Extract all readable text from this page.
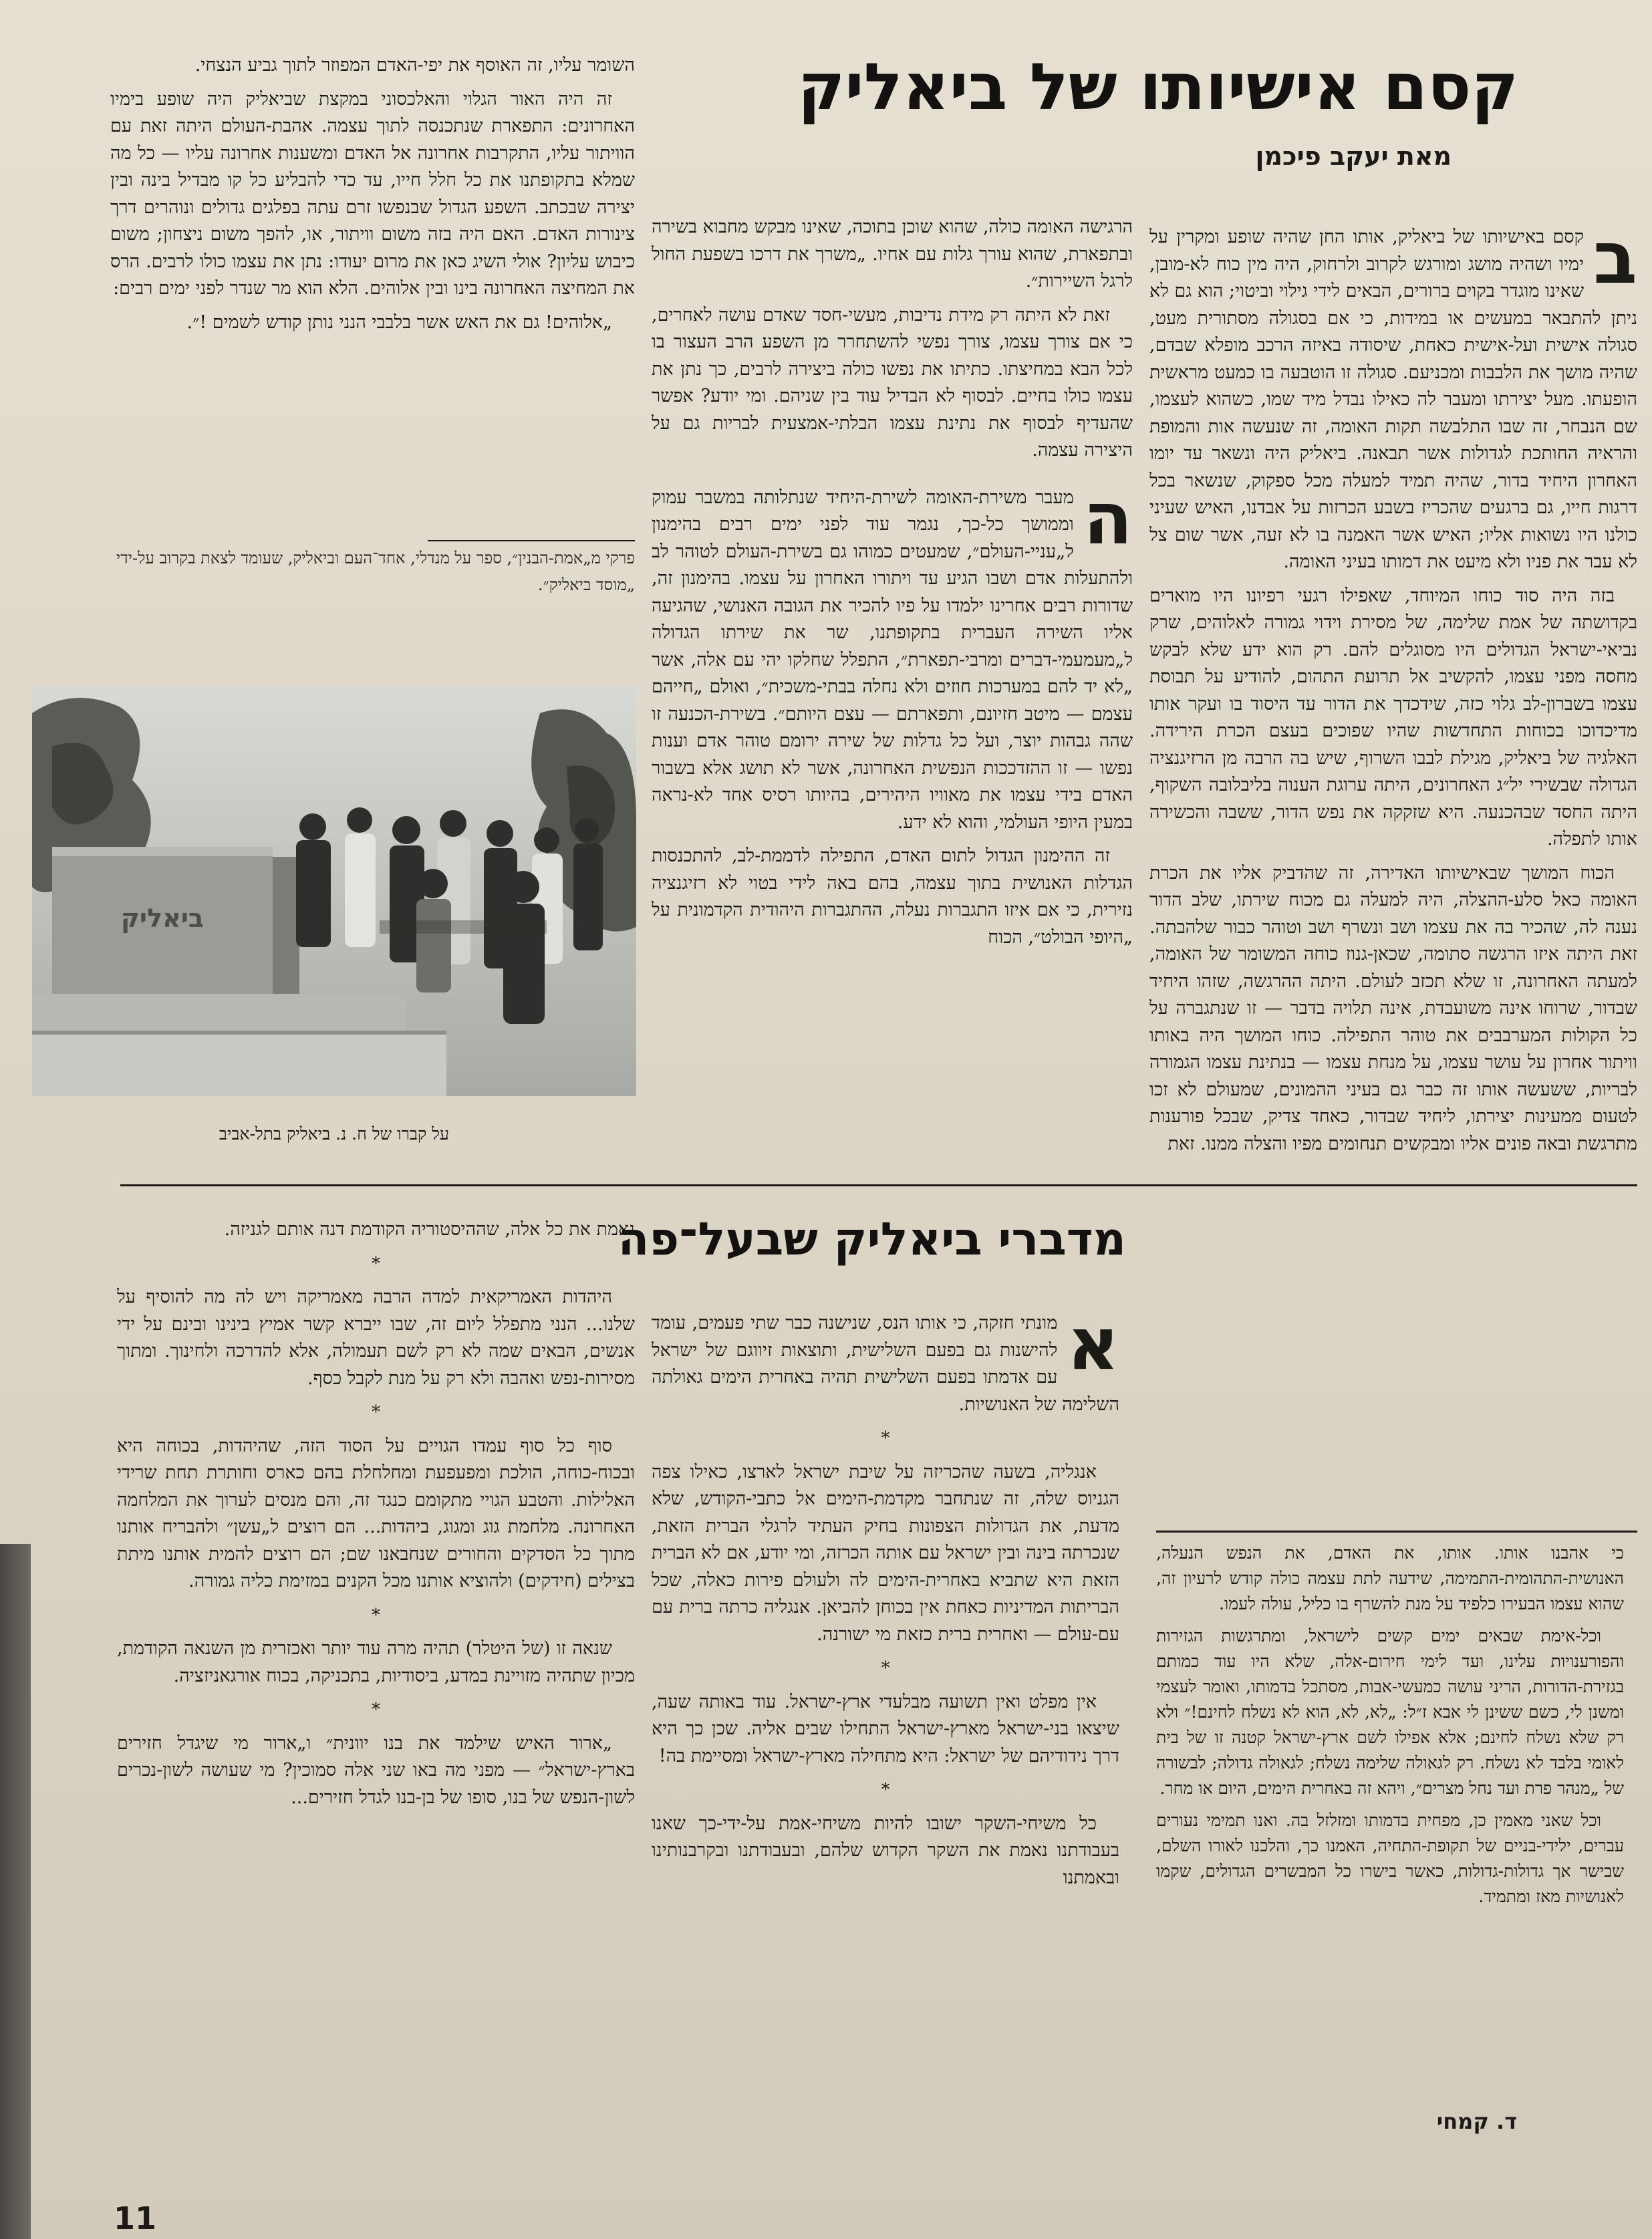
קסם אישיותו של ביאליק
מאת יעקב פיכמן
ב

קסם באישיותו של ביאליק, אותו החן שהיה שופע ומקרין על ימיו ושהיה מושג ומורגש לקרוב ולרחוק, היה מין כוח לא-מובן, שאינו מוגדר בקוים ברורים, הבאים לידי גילוי וביטוי; הוא גם לא ניתן להתבאר במעשים או במידות, כי אם בסגולה מסתורית מעט, סגולה אישית ועל-אישית כאחת, שיסודה באיזה הרכב מופלא שבדם, שהיה מושך את הלבבות ומכניעם. סגולה זו הוטבעה בו כמעט מראשית הופעתו. מעל יצירתו ומעבר לה כאילו נבדל מיד שמו, כשהוא לעצמו, שם הנבחר, זה שבו התלבשה תקות האומה, זה שנעשה אות והמופת והראיה החותכת לגדולות אשר תבאנה. ביאליק היה ונשאר עד יומו האחרון היחיד בדור, שהיה תמיד למעלה מכל ספקוק, שנשאר בכל דרגות חייו, גם ברגעים שהכריז בשבע הכרזות על אבדנו, האיש שעיני כולנו היו נשואות אליו; האיש אשר האמנה בו לא זעה, אשר שום צל לא עבר את פניו ולא מיעט את דמותו בעיני האומה.

בזה היה סוד כוחו המיוחד, שאפילו רגעי רפיונו היו מוארים בקדושתה של אמת שלימה, של מסירת וידוי גמורה לאלוהים, שרק נביאי-ישראל הגדולים היו מסוגלים להם. רק הוא ידע שלא לבקש מחסה מפני עצמו, להקשיב אל תרועת התהום, להודיע על תבוסת עצמו בשברון-לב גלוי כזה, שידכדך את הדור עד היסוד בו ועקר אותו מדיכדוכו בכוחות התחדשות שהיו שפוכים בעצם הכרת הירידה. האלגיה של ביאליק, מגילת לבבו השרוף, שיש בה הרבה מן הרזיגנציה הגדולה שבשירי יל״ג האחרונים, היתה ערוגת הענוה בליבלובה השקוף, היתה החסד שבהכנעה. היא שזקקה את נפש הדור, ששבה והכשירה אותו לתפלה.

הכוח המושך שבאישיותו האדירה, זה שהדביק אליו את הכרת האומה כאל סלע-ההצלה, היה למעלה גם מכוח שירתו, שלב הדור נענה לה, שהכיר בה את עצמו ושב ונשרף ושב וטוהר כבור שלהבתה. זאת היתה איזו הרגשה סתומה, שכאן-גנוז כוחה המשומר של האומה, למעתה האחרונה, זו שלא תכזב לעולם. היתה ההרגשה, שזהו היחיד שבדור, שרוחו אינה משועבדת, אינה תלויה בדבר — זו שנתגברה על כל הקולות המערבבים את טוהר התפילה. כוחו המושך היה באותו וויתור אחרון על עושר עצמו, על מנחת עצמו — בנתינת עצמו הגמורה לבריות, ששעשה אותו זה כבר גם בעיני ההמונים, שמעולם לא זכו לטעום ממעינות יצירתו, ליחיד שבדור, כאחד צדיק, שבכל פורענות מתרגשת ובאה פונים אליו ומבקשים תנחומים מפיו והצלה ממנו. זאת

הרגישה האומה כולה, שהוא שוכן בתוכה, שאינו מבקש מחבוא בשירה ובתפארת, שהוא עורך גלות עם אחיו. „משרך את דרכו בשפעת החול לרגל השיירות״.

זאת לא היתה רק מידת נדיבות, מעשי-חסד שאדם עושה לאחרים, כי אם צורך עצמו, צורך נפשי להשתחרר מן השפע הרב העצור בו לכל הבא במחיצתו. כתיתו את נפשו כולה ביצירה לרבים, כך נתן את עצמו כולו בחיים. לבסוף לא הבדיל עוד בין שניהם. ומי יודע? אפשר שהעדיף לבסוף את נתינת עצמו הבלתי-אמצעית לבריות גם על היצירה עצמה.

ה

מעבר משירת-האומה לשירת-היחיד שנתלותה במשבר עמוק וממושך כל-כך, נגמר עוד לפני ימים רבים בהימנון ל„עניי-העולם״, שמעטים כמוהו גם בשירת-העולם לטוהר לב ולהתעלות אדם ושבו הגיע עד ויתורו האחרון על עצמו. בהימנון זה, שדורות רבים אחרינו ילמדו על פיו להכיר את הגובה האנושי, שהגיעה אליו השירה העברית בתקופתנו, שר את שירתו הגדולה ל„מעמעמי-דברים ומרבי-תפארת״, התפלל שחלקו יהי עם אלה, אשר „לא יד להם במערכות חוזים ולא נחלה בבתי-משכית״, ואולם „חייהם עצמם — מיטב חזיונם, ותפארתם — עצם היותם״. בשירת-הכנעה זו שהה גבהות יוצר, ועל כל גדלות של שירה ירומם טוהר אדם וענות נפשו — זו ההזדככות הנפשית האחרונה, אשר לא תושג אלא בשבור האדם בידי עצמו את מאוויו היהירים, בהיותו רסיס אחד לא-נראה במעין היופי העולמי, והוא לא ידע.

זה ההימנון הגדול לתום האדם, התפילה לדממת-לב, להתכנסות הגדלות האנושית בתוך עצמה, בהם באה לידי בטוי לא רזיגנציה נזירית, כי אם איזו התגברות נעלה, ההתגברות היהודית הקדמונית על „היופי הבולט״, הכוח

השומר עליו, זה האוסף את יפי-האדם המפוזר לתוך גביע הנצחי.

זה היה האור הגלוי והאלכסוני במקצת שביאליק היה שופע בימיו האחרונים: התפארת שנתכנסה לתוך עצמה. אהבת-העולם היתה זאת עם הוויתור עליו, התקרבות אחרונה אל האדם ומשענות אחרונה עליו — כל מה שמלא בתקופתנו את כל חלל חייו, עד כדי להבליע כל קו מבדיל בינה ובין יצירה שבכתב. השפע הגדול שבנפשו זרם עתה בפלגים גדולים ונוהרים דרך צינורות האדם. האם היה בזה משום וויתור, או, להפך משום ניצחון; משום כיבוש עליון? אולי השיג כאן את מרום יעודו: נתן את עצמו כולו לרבים. הרס את המחיצה האחרונה בינו ובין אלוהים. הלא הוא מר שנדר לפני ימים רבים:

„אלוהים! גם את האש אשר בלבבי הנני נותן קודש לשמים !״.

פרקי מ„אמת-הבנין״, ספר על מנדלי, אחד־העם וביאליק, שעומד לצאת בקרוב על-ידי „מוסד ביאליק״.
ביאליק
על קברו של ח. נ. ביאליק בתל-אביב
מדברי ביאליק שבעל־פה
א

מונתי חזקה, כי אותו הנס, שנישנה כבר שתי פעמים, עומד להישנות גם בפעם השלישית, ותוצאות זיווגם של ישראל עם אדמתו בפעם השלישית תהיה באחרית הימים גאולתה השלימה של האנושיות.

*

אנגליה, בשעה שהכריזה על שיבת ישראל לארצו, כאילו צפה הגניוס שלה, זה שנתחבר מקדמת-הימים אל כתבי-הקודש, שלא מדעת, את הגדולות הצפונות בחיק העתיד לרגלי הברית הזאת, שנכרתה בינה ובין ישראל עם אותה הכרזה, ומי יודע, אם לא הברית הזאת היא שתביא באחרית-הימים לה ולעולם פירות כאלה, שכל הבריתות המדיניות כאחת אין בכוחן להביאן. אנגליה כרתה ברית עם עם-עולם — ואחרית ברית כזאת מי ישורנה.

*

אין מפלט ואין תשועה מבלעדי ארץ-ישראל. עוד באותה שעה, שיצאו בני-ישראל מארץ-ישראל התחילו שבים אליה. שכן כך היא דרך נידודיהם של ישראל: היא מתחילה מארץ-ישראל ומסיימת בה!

*

כל משיחי-השקר ישובו להיות משיחי-אמת על-ידי-כך שאנו בעבודתנו נאמת את השקר הקדוש שלהם, ובעבודתנו ובקרבנותינו ובאמתנו

נאמת את כל אלה, שההיסטוריה הקודמת דנה אותם לגניזה.

*

היהדות האמריקאית למדה הרבה מאמריקה ויש לה מה להוסיף על שלנו... הנני מתפלל ליום זה, שבו ייברא קשר אמיץ בינינו ובינם על ידי אנשים, הבאים שמה לא רק לשם תעמולה, אלא להדרכה ולחינוך. ומתוך מסירות-נפש ואהבה ולא רק על מנת לקבל כסף.

*

סוף כל סוף עמדו הגויים על הסוד הזה, שהיהדות, בכוחה היא ובכוח-כוחה, הולכת ומפעפעת ומחלחלת בהם כארס וחותרת תחת שרידי האלילות. והטבע הגויי מתקומם כנגד זה, והם מנסים לערוך את המלחמה האחרונה. מלחמת גוג ומגוג, ביהדות... הם רוצים ל„עשן״ ולהבריח אותנו מתוך כל הסדקים והחורים שנחבאנו שם; הם רוצים להמית אותנו מיתת בצילים (חידקים) ולהוציא אותנו מכל הקנים במזימת כליה גמורה.

*

שנאה זו (של היטלר) תהיה מרה עוד יותר ואכזרית מן השנאה הקודמת, מכיון שתהיה מזויינת במדע, ביסודיות, בתכניקה, בכוח אורגאניזציה.

*

„ארור האיש שילמד את בנו יוונית״ ו„ארור מי שיגדל חזירים בארץ-ישראל״ — מפני מה באו שני אלה סמוכין? מי שעושה לשון-נכרים לשון-הנפש של בנו, סופו של בן-בנו לגדל חזירים...

כי אהבנו אותו. אותו, את האדם, את הנפש הנעלה, האנושית-התהומית-התמימה, שידעה לתת עצמה כולה קודש לרעיון זה, שהוא עצמו הבעירו כלפיד על מנת להשרף בו כליל, עולה לעמו.

וכל-אימת שבאים ימים קשים לישראל, ומתרגשות הגזירות והפורענויות עלינו, ועד לימי חירום-אלה, שלא היו עוד כמותם בגזירת-הדורות, הריני עושה כמעשי-אבות, מסתכל בדמותו, ואומר לעצמי ומשנן לי, כשם ששינן לי אבא ז״ל: „לא, לא, הוא לא נשלח לחינם!״ ולא רק שלא נשלח לחינם; אלא אפילו לשם ארץ-ישראל קטנה זו של בית לאומי בלבד לא נשלח. רק לגאולה שלימה נשלח; לגאולה גדולה; לבשורה של „מנהר פרת ועד נחל מצרים״, ויהא זה באחרית הימים, היום או מחר.

וכל שאני מאמין כן, מפחית בדמותו ומזלזל בה. ואנו תמימי נעורים עברים, ילידי-בניים של תקופת-התחיה, האמנו כך, והלכנו לאורו השלם, שבישר אך גדולות-גדולות, כאשר בישרו כל המבשרים הגדולים, שקמו לאנושיות מאז ומתמיד.

ד. קמחי
11
